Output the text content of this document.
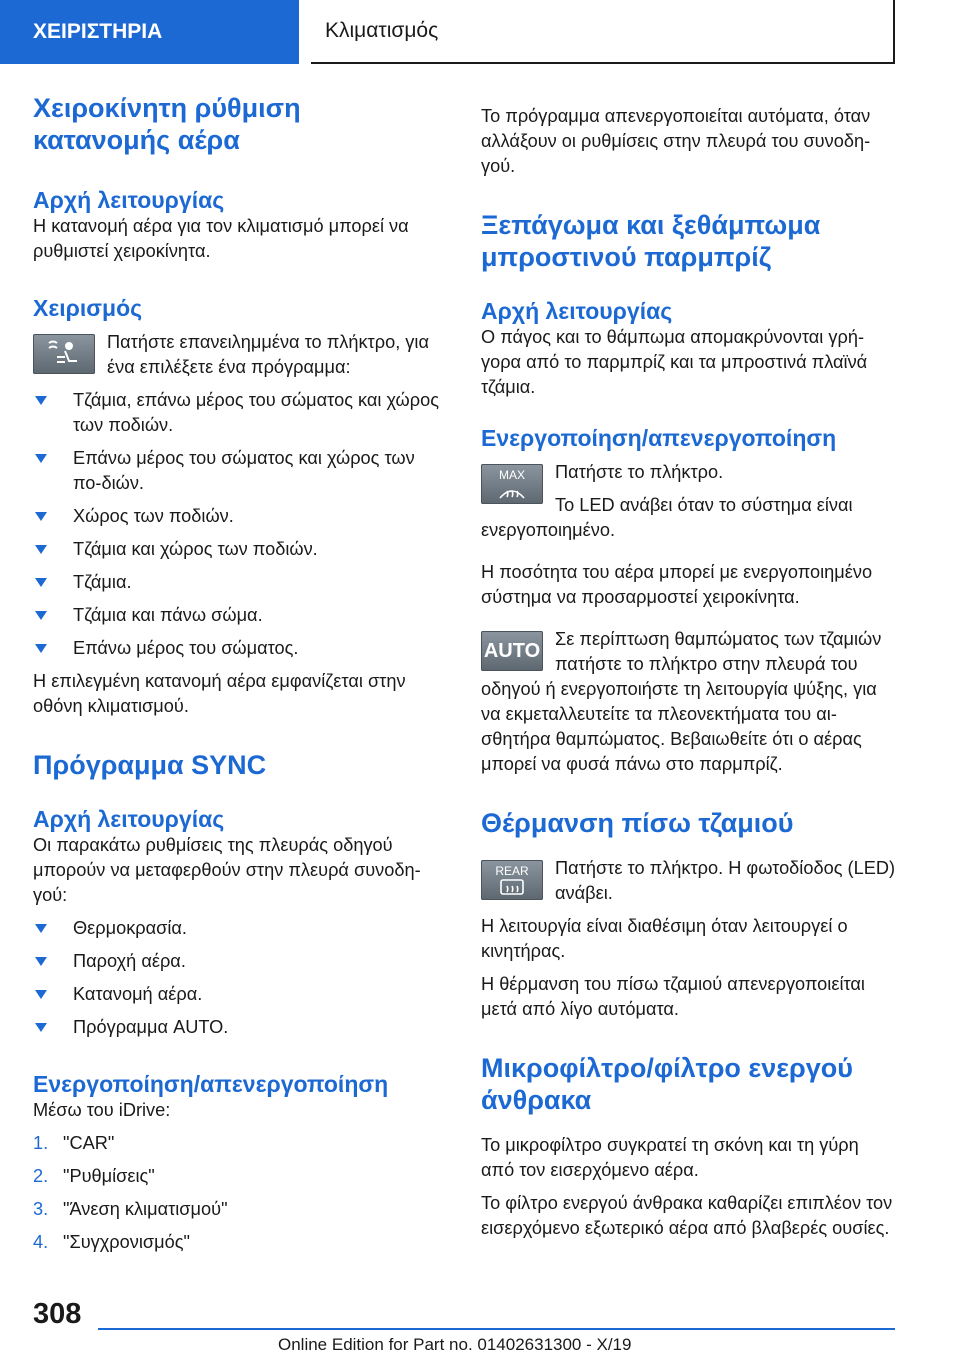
ΧΕΙΡΙΣΤΗΡΙΑ	Κλιματισμός
Χειροκίνητη ρύθμιση κατανομής αέρα
Αρχή λειτουργίας

Η κατανομή αέρα για τον κλιματισμό μπορεί να ρυθμιστεί χειροκίνητα.

Χειρισμός

Πατήστε επανειλημμένα το πλήκτρο, για ένα επιλέξετε ένα πρόγραμμα:

Τζάμια, επάνω μέρος του σώματος και χώρος των ποδιών.
Επάνω μέρος του σώματος και χώρος των πο-διών.
Χώρος των ποδιών.
Τζάμια και χώρος των ποδιών.
Τζάμια.
Τζάμια και πάνω σώμα.
Επάνω μέρος του σώματος.

Η επιλεγμένη κατανομή αέρα εμφανίζεται στην οθόνη κλιματισμού.

Πρόγραμμα SYNC
Αρχή λειτουργίας

Οι παρακάτω ρυθμίσεις της πλευράς οδηγού μπορούν να μεταφερθούν στην πλευρά συνοδη-γού:

Θερμοκρασία.
Παροχή αέρα.
Κατανομή αέρα.
Πρόγραμμα AUTO.
Ενεργοποίηση/απενεργοποίηση

Μέσω του iDrive:

1. "CAR"
2. "Ρυθμίσεις"
3. "Άνεση κλιματισμού"
4. "Συγχρονισμός"

Το πρόγραμμα απενεργοποιείται αυτόματα, όταν αλλάξουν οι ρυθμίσεις στην πλευρά του συνοδη-γού.

Ξεπάγωμα και ξεθάμπωμα μπροστινού παρμπρίζ
Αρχή λειτουργίας

Ο πάγος και το θάμπωμα απομακρύνονται γρή-γορα από το παρμπρίζ και τα μπροστινά πλαϊνά τζάμια.

Ενεργοποίηση/απενεργοποίηση
MAX	Πατήστε το πλήκτρο.

Το LED ανάβει όταν το σύστημα είναι ενεργοποιημένο.

Η ποσότητα του αέρα μπορεί με ενεργοποιημένο σύστημα να προσαρμοστεί χειροκίνητα.

AUTO

Σε περίπτωση θαμπώματος των τζαμιών πατήστε το πλήκτρο στην πλευρά του οδηγού ή ενεργοποιήστε τη λειτουργία ψύξης, για να εκμεταλλευτείτε τα πλεονεκτήματα του αι-σθητήρα θαμπώματος. Βεβαιωθείτε ότι ο αέρας μπορεί να φυσά πάνω στο παρμπρίζ.

Θέρμανση πίσω τζαμιού
REAR	Πατήστε το πλήκτρο. Η φωτοδίοδος (LED) ανάβει.

Η λειτουργία είναι διαθέσιμη όταν λειτουργεί ο κινητήρας.

Η θέρμανση του πίσω τζαμιού απενεργοποιείται μετά από λίγο αυτόματα.

Μικροφίλτρο/φίλτρο ενεργού άνθρακα

Το μικροφίλτρο συγκρατεί τη σκόνη και τη γύρη από τον εισερχόμενο αέρα.

Το φίλτρο ενεργού άνθρακα καθαρίζει επιπλέον τον εισερχόμενο εξωτερικό αέρα από βλαβερές ουσίες.

308
Online Edition for Part no. 01402631300 - X/19
